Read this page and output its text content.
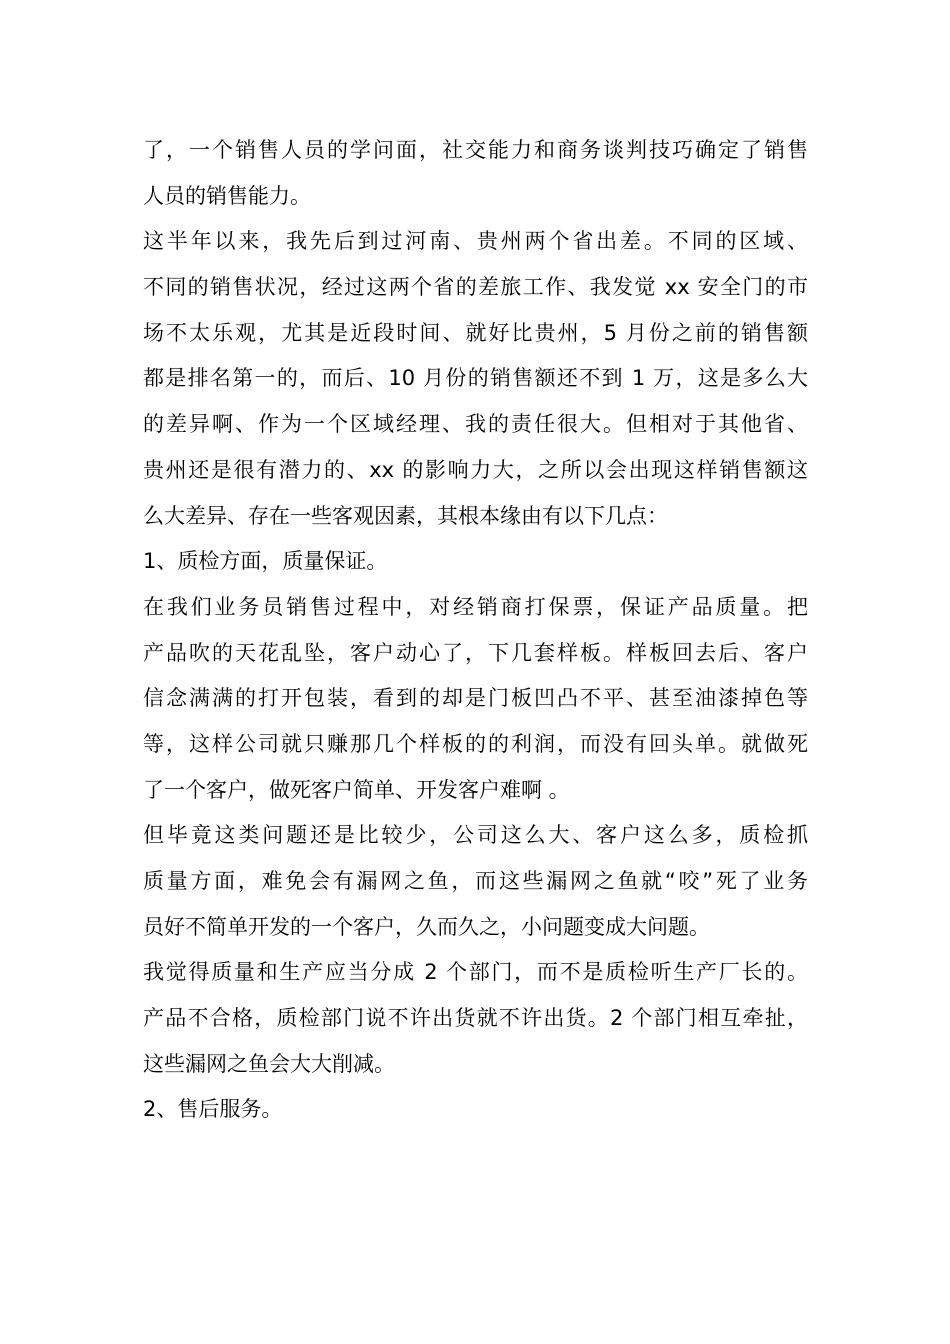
了，一个销售人员的学问面，社交能力和商务谈判技巧确定了销售
人员的销售能力。
这半年以来，我先后到过河南、贵州两个省出差。不同的区域、
不同的销售状况，经过这两个省的差旅工作、我发觉 xx 安全门的市
场不太乐观，尤其是近段时间、就好比贵州，5 月份之前的销售额
都是排名第一的，而后、10 月份的销售额还不到 1 万，这是多么大
的差异啊、作为一个区域经理、我的责任很大。但相对于其他省、
贵州还是很有潜力的、xx 的影响力大，之所以会出现这样销售额这
么大差异、存在一些客观因素，其根本缘由有以下几点：
1、质检方面，质量保证。
在我们业务员销售过程中，对经销商打保票，保证产品质量。把
产品吹的天花乱坠，客户动心了，下几套样板。样板回去后、客户
信念满满的打开包装，看到的却是门板凹凸不平、甚至油漆掉色等
等，这样公司就只赚那几个样板的的利润，而没有回头单。就做死
了一个客户，做死客户简单、开发客户难啊 。
但毕竟这类问题还是比较少，公司这么大、客户这么多，质检抓
质量方面，难免会有漏网之鱼，而这些漏网之鱼就“咬”死了业务
员好不简单开发的一个客户，久而久之，小问题变成大问题。
我觉得质量和生产应当分成 2 个部门，而不是质检听生产厂长的。
产品不合格，质检部门说不许出货就不许出货。2 个部门相互牵扯，
这些漏网之鱼会大大削减。
2、售后服务。
